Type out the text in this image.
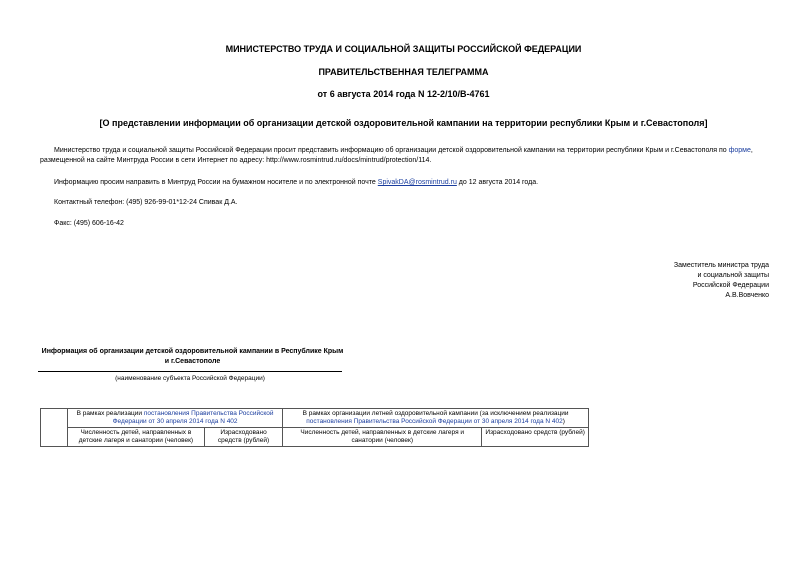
МИНИСТЕРСТВО ТРУДА И СОЦИАЛЬНОЙ ЗАЩИТЫ РОССИЙСКОЙ ФЕДЕРАЦИИ
ПРАВИТЕЛЬСТВЕННАЯ ТЕЛЕГРАММА
от 6 августа 2014 года N 12-2/10/В-4761
[О представлении информации об организации детской оздоровительной кампании на территории республики Крым и г.Севастополя]
Министерство труда и социальной защиты Российской Федерации просит представить информацию об организации детской оздоровительной кампании на территории республики Крым и г.Севастополя по форме,
размещенной на сайте Минтруда России в сети Интернет по адресу: http://www.rosmintrud.ru/docs/mintrud/protection/114.
Информацию просим направить в Минтруд России на бумажном носителе и по электронной почте SpivakDA@rosmintrud.ru до 12 августа 2014 года.
Контактный телефон: (495) 926-99-01*12-24 Спивак Д.А.
Факс: (495) 606-16-42
Заместитель министра труда
и социальной защиты
Российской Федерации
А.В.Вовченко
Информация об организации детской оздоровительной кампании в Республике Крым и г.Севастополе
(наименование субъекта Российской Федерации)
	В рамках реализации постановления Правительства Российской Федерации от 30 апреля 2014 года N 402		В рамках организации летней оздоровительной кампании (за исключением реализации постановления Правительства Российской Федерации от 30 апреля 2014 года N 402)	
	Численность детей, направленных в детские лагеря и санатории (человек)	Израсходовано средств (рублей)	Численность детей, направленных в детские лагеря и санатории (человек)	Израсходовано средств (рублей)
